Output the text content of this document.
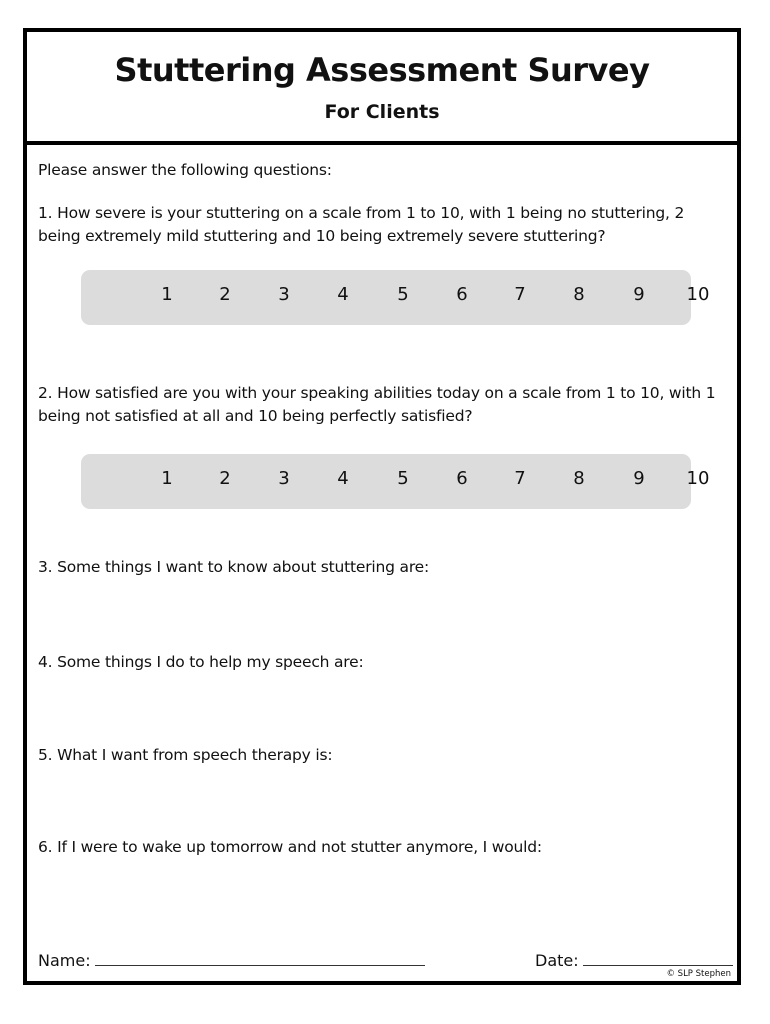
Stuttering Assessment Survey
For Clients
Please answer the following questions:
1. How severe is your stuttering on a scale from 1 to 10, with 1 being no stuttering, 2 being extremely mild stuttering and 10 being extremely severe stuttering?
1	2	3	4	5	6	7	8	9	10
2. How satisfied are you with your speaking abilities today on a scale from 1 to 10, with 1 being not satisfied at all and 10 being perfectly satisfied?
1	2	3	4	5	6	7	8	9	10
3. Some things I want to know about stuttering are:
4. Some things I do to help my speech are:
5. What I want from speech therapy is:
6. If I were to wake up tomorrow and not stutter anymore, I would:
Name:	Date:
© SLP Stephen
